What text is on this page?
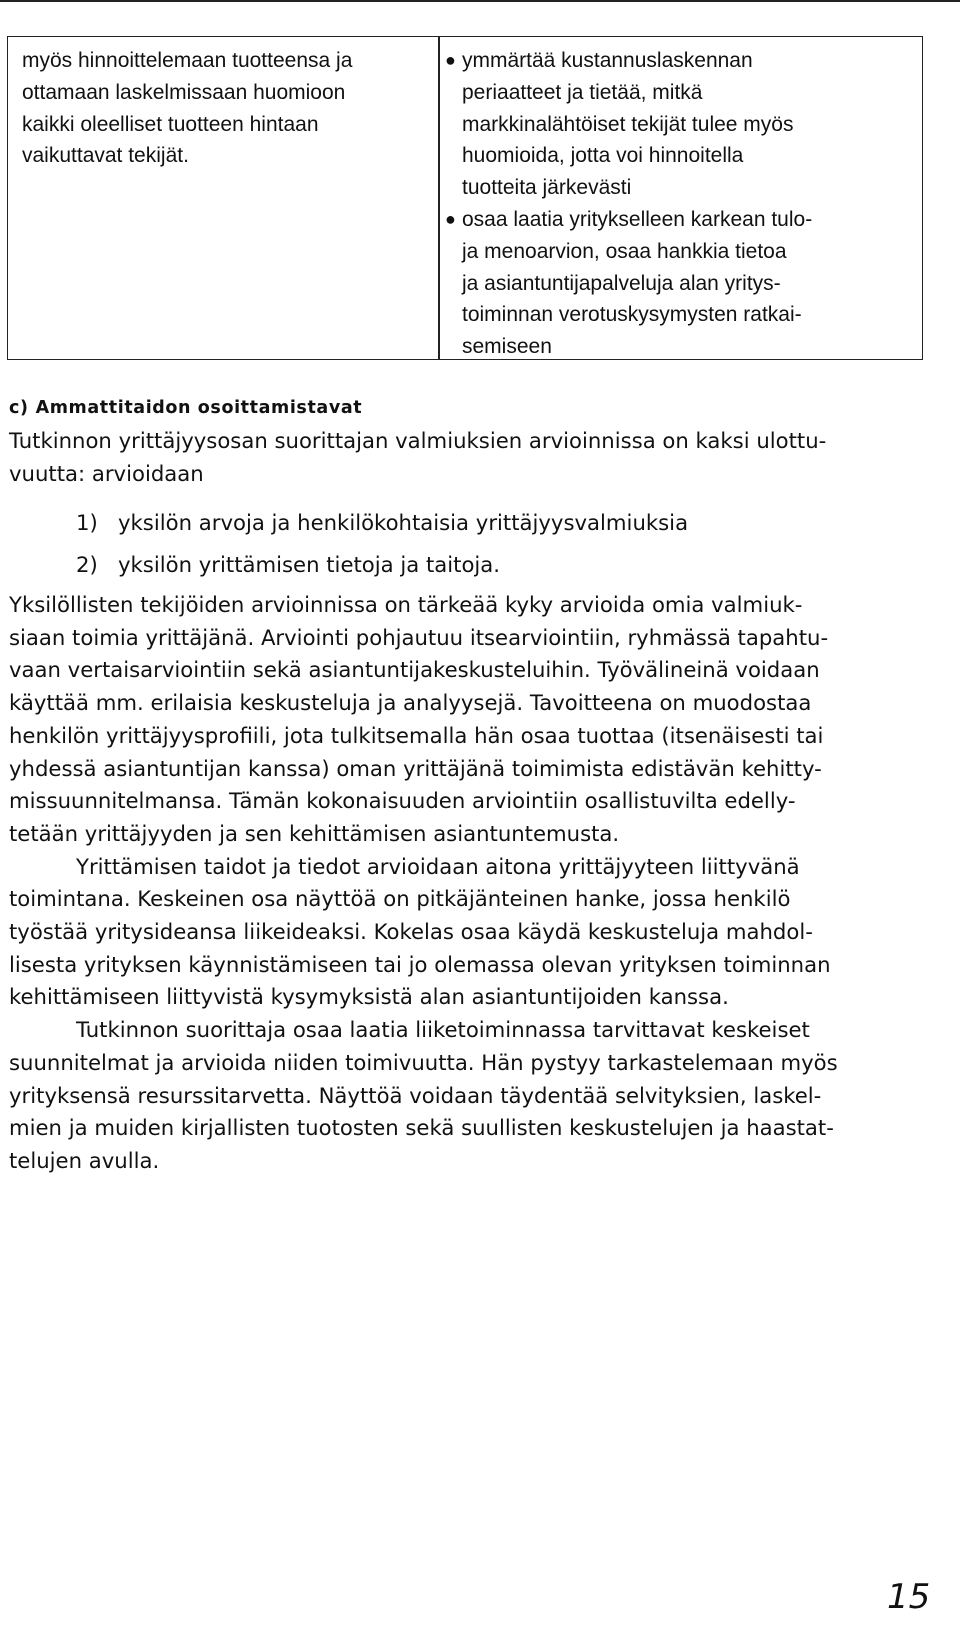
myös hinnoittelemaan tuotteensa ja
ottamaan laskelmissaan huomioon
kaikki oleelliset tuotteen hintaan
vaikuttavat tekijät.
● ymmärtää kustannuslaskennan
periaatteet ja tietää, mitkä
markkinalähtöiset tekijät tulee myös
huomioida, jotta voi hinnoitella
tuotteita järkevästi
● osaa laatia yritykselleen karkean tulo-
ja menoarvion, osaa hankkia tietoa
ja asiantuntijapalveluja alan yritys-
toiminnan verotuskysymysten ratkai-
semiseen
c) Ammattitaidon osoittamistavat
Tutkinnon yrittäjyysosan suorittajan valmiuksien arvioinnissa on kaksi ulottu-
vuutta: arvioidaan
1) yksilön arvoja ja henkilökohtaisia yrittäjyysvalmiuksia
2) yksilön yrittämisen tietoja ja taitoja.
Yksilöllisten tekijöiden arvioinnissa on tärkeää kyky arvioida omia valmiuk-
siaan toimia yrittäjänä. Arviointi pohjautuu itsearviointiin, ryhmässä tapahtu-
vaan vertaisarviointiin sekä asiantuntijakeskusteluihin. Työvälineinä voidaan
käyttää mm. erilaisia keskusteluja ja analyysejä. Tavoitteena on muodostaa
henkilön yrittäjyysprofiili, jota tulkitsemalla hän osaa tuottaa (itsenäisesti tai
yhdessä asiantuntijan kanssa) oman yrittäjänä toimimista edistävän kehitty-
missuunnitelmansa. Tämän kokonaisuuden arviointiin osallistuvilta edelly-
tetään yrittäjyyden ja sen kehittämisen asiantuntemusta.
Yrittämisen taidot ja tiedot arvioidaan aitona yrittäjyyteen liittyvänä
toimintana. Keskeinen osa näyttöä on pitkäjänteinen hanke, jossa henkilö
työstää yritysideansa liikeideaksi. Kokelas osaa käydä keskusteluja mahdol-
lisesta yrityksen käynnistämiseen tai jo olemassa olevan yrityksen toiminnan
kehittämiseen liittyvistä kysymyksistä alan asiantuntijoiden kanssa.
Tutkinnon suorittaja osaa laatia liiketoiminnassa tarvittavat keskeiset
suunnitelmat ja arvioida niiden toimivuutta. Hän pystyy tarkastelemaan myös
yrityksensä resurssitarvetta. Näyttöä voidaan täydentää selvityksien, laskel-
mien ja muiden kirjallisten tuotosten sekä suullisten keskustelujen ja haastat-
telujen avulla.
15
